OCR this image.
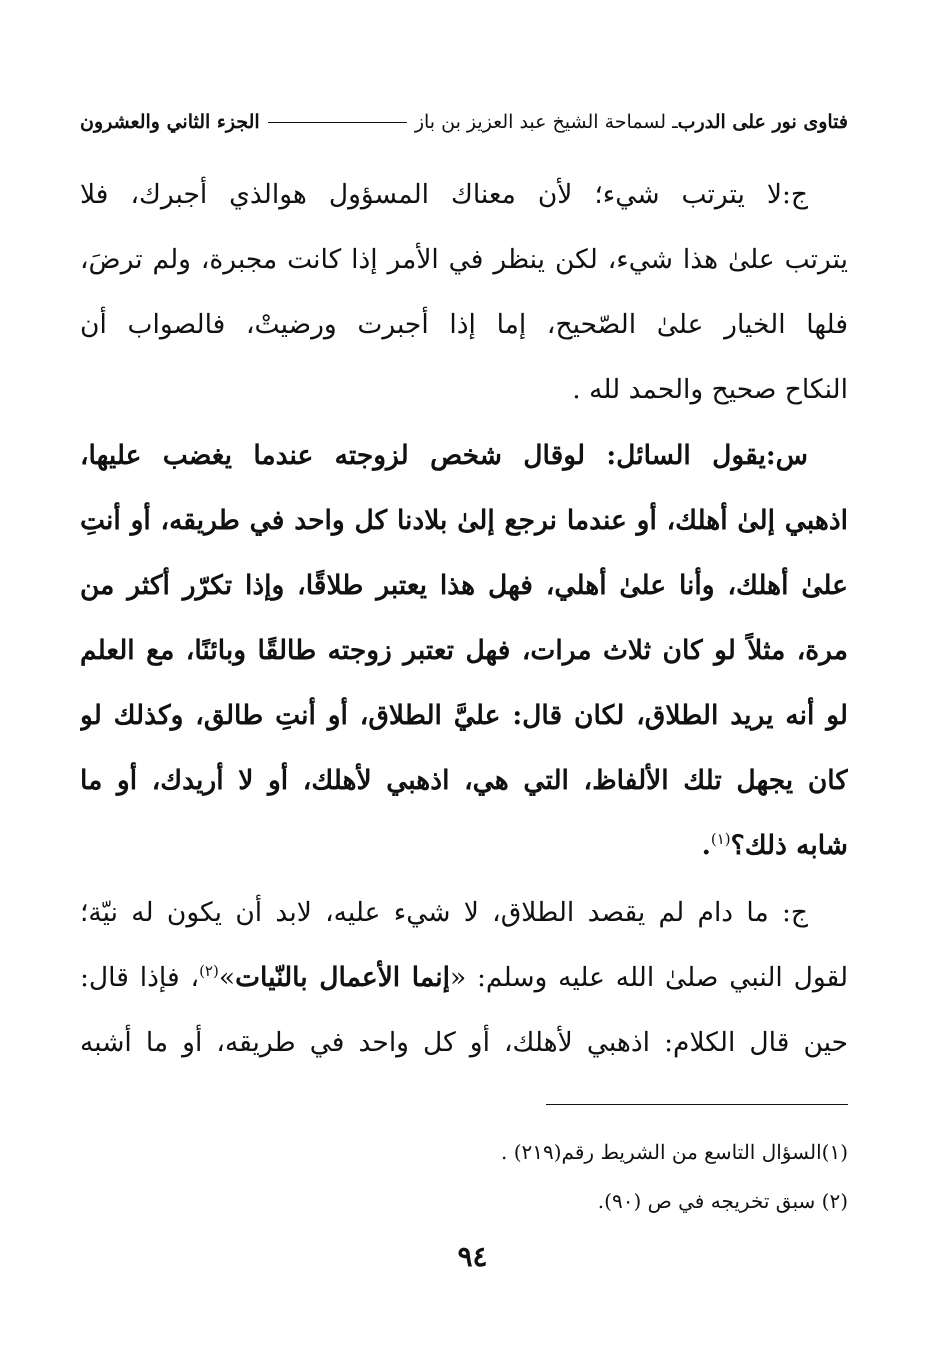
فتاوى نور على الدرب
ـ لسماحة الشيخ عبد العزيز بن باز
الجزء الثاني والعشرون
ج:لا يترتب شيء؛ لأن معناك المسؤول هوالذي أجبرك، فلا
يترتب علىٰ هذا شيء، لكن ينظر في الأمر إذا كانت مجبرة، ولم ترضَ،
فلها الخيار علىٰ الصّحيح، إما إذا أجبرت ورضيتْ، فالصواب أن
النكاح صحيح والحمد لله .
س:يقول السائل: لوقال شخص لزوجته عندما يغضب عليها،
اذهبي إلىٰ أهلك، أو عندما نرجع إلىٰ بلادنا كل واحد في طريقه، أو أنتِ
علىٰ أهلك، وأنا علىٰ أهلي، فهل هذا يعتبر طلاقًا، وإذا تكرّر أكثر من
مرة، مثلاً لو كان ثلاث مرات، فهل تعتبر زوجته طالقًا وبائنًا، مع العلم
لو أنه يريد الطلاق، لكان قال: عليَّ الطلاق، أو أنتِ طالق، وكذلك لو
كان يجهل تلك الألفاظ، التي هي، اذهبي لأهلك، أو لا أريدك، أو ما
شابه ذلك؟$^{(١)}$.
ج: ما دام لم يقصد الطلاق، لا شيء عليه، لابد أن يكون له نيّة؛
لقول النبي صلىٰ الله عليه وسلم: «إنما الأعمال بالنّيات»$^{(٢)}$، فإذا قال:
حين قال الكلام: اذهبي لأهلك، أو كل واحد في طريقه، أو ما أشبه
(١)السؤال التاسع من الشريط رقم(٢١٩) .
(٢) سبق تخريجه في ص (٩٠).
٩٤
